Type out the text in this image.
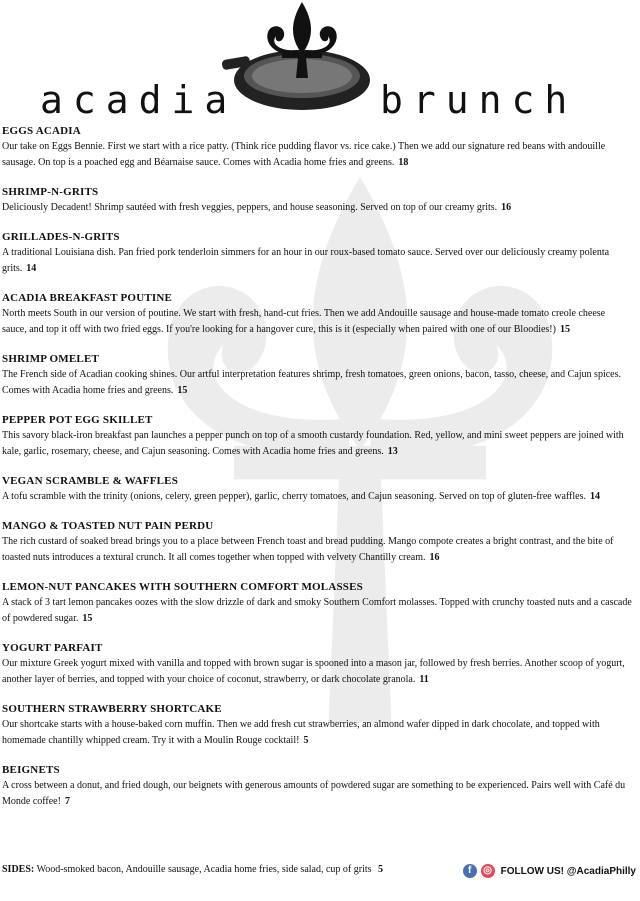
acadia	brunch
EGGS ACADIA
Our take on Eggs Bennie. First we start with a rice patty. (Think rice pudding flavor vs. rice cake.) Then we add our signature red beans with andouille sausage. On top is a poached egg and Béarnaise sauce. Comes with Acadia home fries and greens. 18
SHRIMP-N-GRITS
Deliciously Decadent! Shrimp sautéed with fresh veggies, peppers, and house seasoning. Served on top of our creamy grits. 16
GRILLADES-N-GRITS
A traditional Louisiana dish. Pan fried pork tenderloin simmers for an hour in our roux-based tomato sauce. Served over our deliciously creamy polenta grits. 14
ACADIA BREAKFAST POUTINE
North meets South in our version of poutine. We start with fresh, hand-cut fries. Then we add Andouille sausage and house-made tomato creole cheese sauce, and top it off with two fried eggs. If you're looking for a hangover cure, this is it (especially when paired with one of our Bloodies!) 15
SHRIMP OMELET
The French side of Acadian cooking shines. Our artful interpretation features shrimp, fresh tomatoes, green onions, bacon, tasso, cheese, and Cajun spices. Comes with Acadia home fries and greens. 15
PEPPER POT EGG SKILLET
This savory black-iron breakfast pan launches a pepper punch on top of a smooth custardy foundation. Red, yellow, and mini sweet peppers are joined with kale, garlic, rosemary, cheese, and Cajun seasoning. Comes with Acadia home fries and greens. 13
VEGAN SCRAMBLE & WAFFLES
A tofu scramble with the trinity (onions, celery, green pepper), garlic, cherry tomatoes, and Cajun seasoning. Served on top of gluten-free waffles. 14
MANGO & TOASTED NUT PAIN PERDU
The rich custard of soaked bread brings you to a place between French toast and bread pudding. Mango compote creates a bright contrast, and the bite of toasted nuts introduces a textural crunch. It all comes together when topped with velvety Chantilly cream. 16
LEMON-NUT PANCAKES WITH SOUTHERN COMFORT MOLASSES
A stack of 3 tart lemon pancakes oozes with the slow drizzle of dark and smoky Southern Comfort molasses. Topped with crunchy toasted nuts and a cascade of powdered sugar. 15
YOGURT PARFAIT
Our mixture Greek yogurt mixed with vanilla and topped with brown sugar is spooned into a mason jar, followed by fresh berries. Another scoop of yogurt, another layer of berries, and topped with your choice of coconut, strawberry, or dark chocolate granola. 11
SOUTHERN STRAWBERRY SHORTCAKE
Our shortcake starts with a house-baked corn muffin. Then we add fresh cut strawberries, an almond wafer dipped in dark chocolate, and topped with homemade chantilly whipped cream. Try it with a Moulin Rouge cocktail! 5
BEIGNETS
A cross between a donut, and fried dough, our beignets with generous amounts of powdered sugar are something to be experienced. Pairs well with Café du Monde coffee! 7
SIDES: Wood-smoked bacon, Andouille sausage, Acadia home fries, side salad, cup of grits 5	f	◎ FOLLOW US! @AcadiaPhilly
